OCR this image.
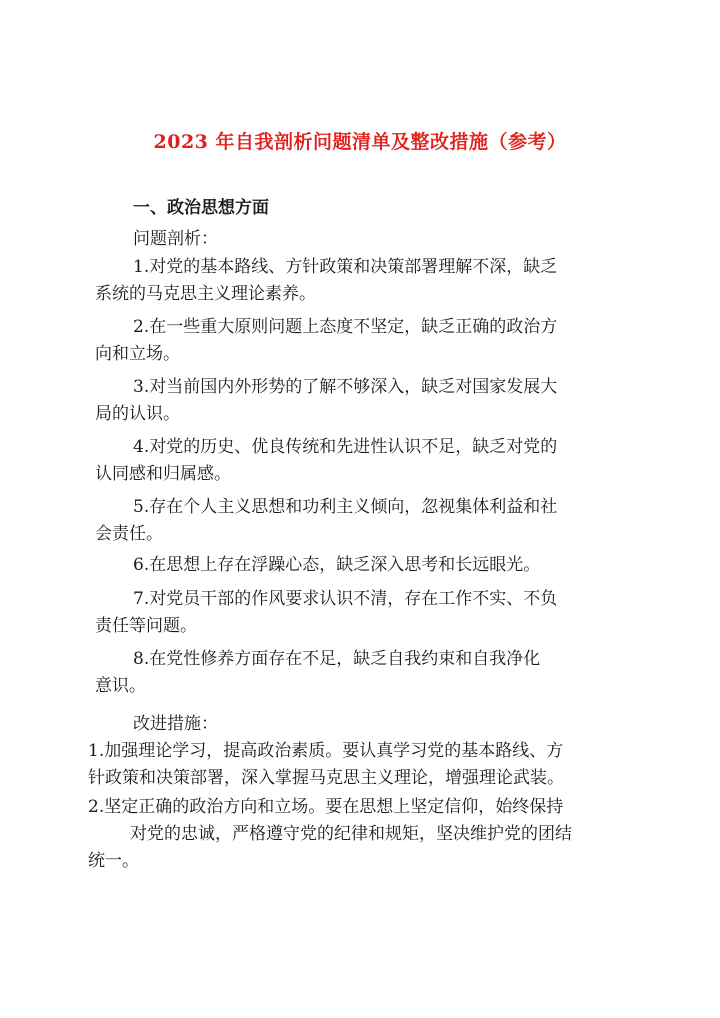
2023 年自我剖析问题清单及整改措施（参考）
一、政治思想方面
问题剖析：
1.对党的基本路线、方针政策和决策部署理解不深，缺乏
系统的马克思主义理论素养。
2.在一些重大原则问题上态度不坚定，缺乏正确的政治方
向和立场。
3.对当前国内外形势的了解不够深入，缺乏对国家发展大
局的认识。
4.对党的历史、优良传统和先进性认识不足，缺乏对党的
认同感和归属感。
5.存在个人主义思想和功利主义倾向，忽视集体利益和社
会责任。
6.在思想上存在浮躁心态，缺乏深入思考和长远眼光。
7.对党员干部的作风要求认识不清，存在工作不实、不负
责任等问题。
8.在党性修养方面存在不足，缺乏自我约束和自我净化
意识。
改进措施：
1.加强理论学习，提高政治素质。要认真学习党的基本路线、方
针政策和决策部署，深入掌握马克思主义理论，增强理论武装。
2.坚定正确的政治方向和立场。要在思想上坚定信仰，始终保持
对党的忠诚，严格遵守党的纪律和规矩，坚决维护党的团结
统一。
